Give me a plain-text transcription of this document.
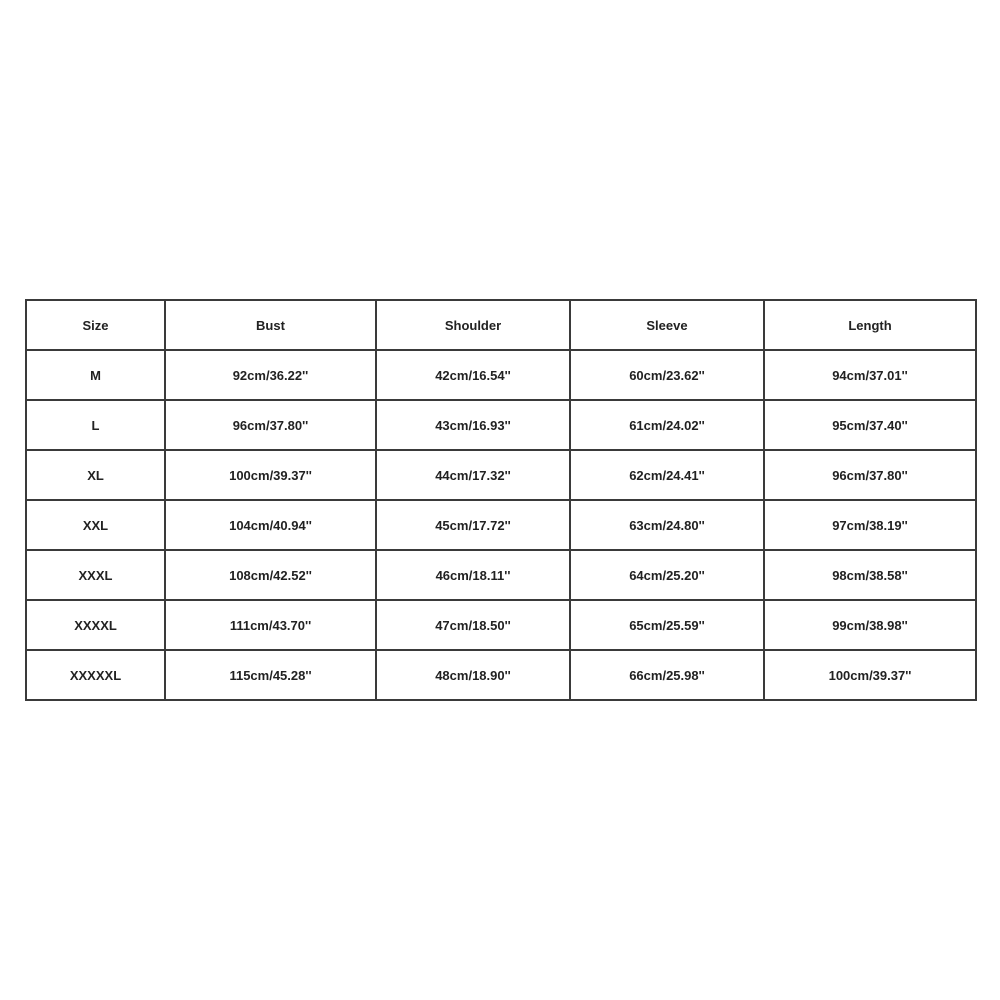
Size	Bust	Shoulder	Sleeve	Length
M	92cm/36.22''	42cm/16.54''	60cm/23.62''	94cm/37.01''
L	96cm/37.80''	43cm/16.93''	61cm/24.02''	95cm/37.40''
XL	100cm/39.37''	44cm/17.32''	62cm/24.41''	96cm/37.80''
XXL	104cm/40.94''	45cm/17.72''	63cm/24.80''	97cm/38.19''
XXXL	108cm/42.52''	46cm/18.11''	64cm/25.20''	98cm/38.58''
XXXXL	111cm/43.70''	47cm/18.50''	65cm/25.59''	99cm/38.98''
XXXXXL	115cm/45.28''	48cm/18.90''	66cm/25.98''	100cm/39.37''
